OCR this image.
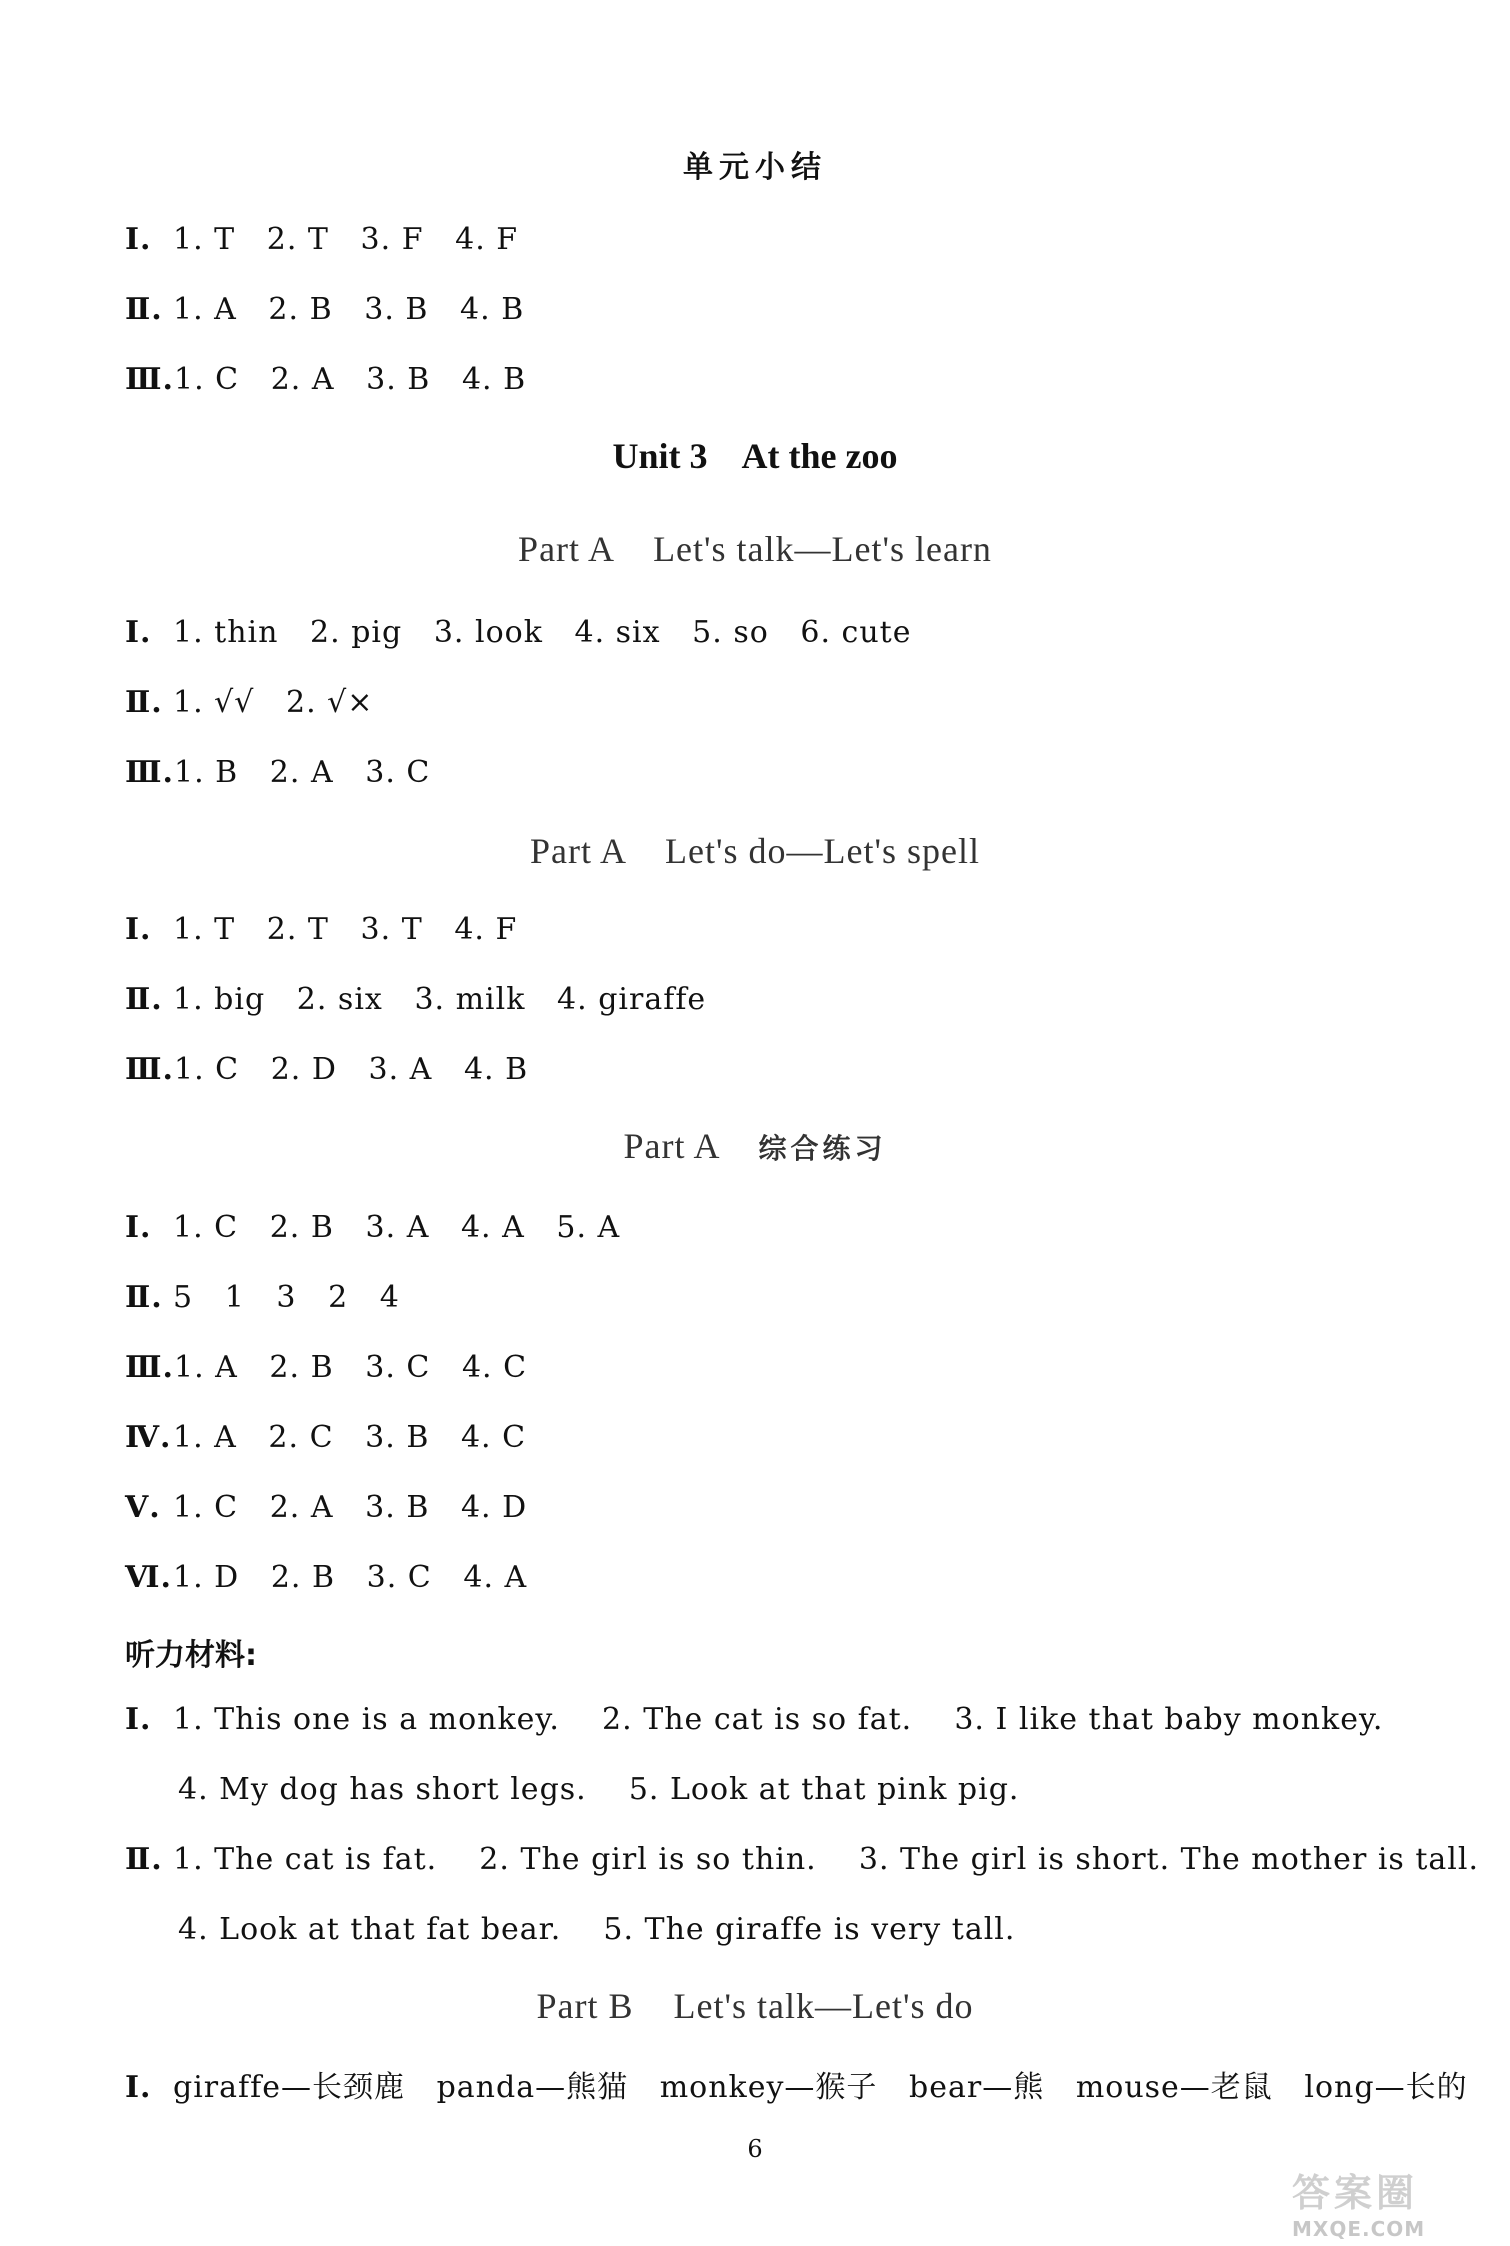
单元小结
Ⅰ. 1. T   2. T   3. F   4. F
Ⅱ. 1. A   2. B   3. B   4. B
Ⅲ.1. C   2. A   3. B   4. B
Unit 3    At the zoo
Part A    Let's talk—Let's learn
Ⅰ. 1. thin   2. pig   3. look   4. six   5. so   6. cute
Ⅱ. 1. √√   2. √×
Ⅲ.1. B   2. A   3. C
Part A    Let's do—Let's spell
Ⅰ. 1. T   2. T   3. T   4. F
Ⅱ. 1. big   2. six   3. milk   4. giraffe
Ⅲ.1. C   2. D   3. A   4. B
Part A 综合练习
Ⅰ. 1. C   2. B   3. A   4. A   5. A
Ⅱ. 5   1   3   2   4
Ⅲ.1. A   2. B   3. C   4. C
Ⅳ.1. A   2. C   3. B   4. C
Ⅴ. 1. C   2. A   3. B   4. D
Ⅵ.1. D   2. B   3. C   4. A
听力材料:
Ⅰ. 1. This one is a monkey.    2. The cat is so fat.    3. I like that baby monkey.
4. My dog has short legs.    5. Look at that pink pig.
Ⅱ. 1. The cat is fat.    2. The girl is so thin.    3. The girl is short. The mother is tall.
4. Look at that fat bear.    5. The giraffe is very tall.
Part B    Let's talk—Let's do
Ⅰ. giraffe—长颈鹿   panda—熊猫   monkey—猴子   bear—熊   mouse—老鼠   long—长的
6
答案圈
MXQE.COM
